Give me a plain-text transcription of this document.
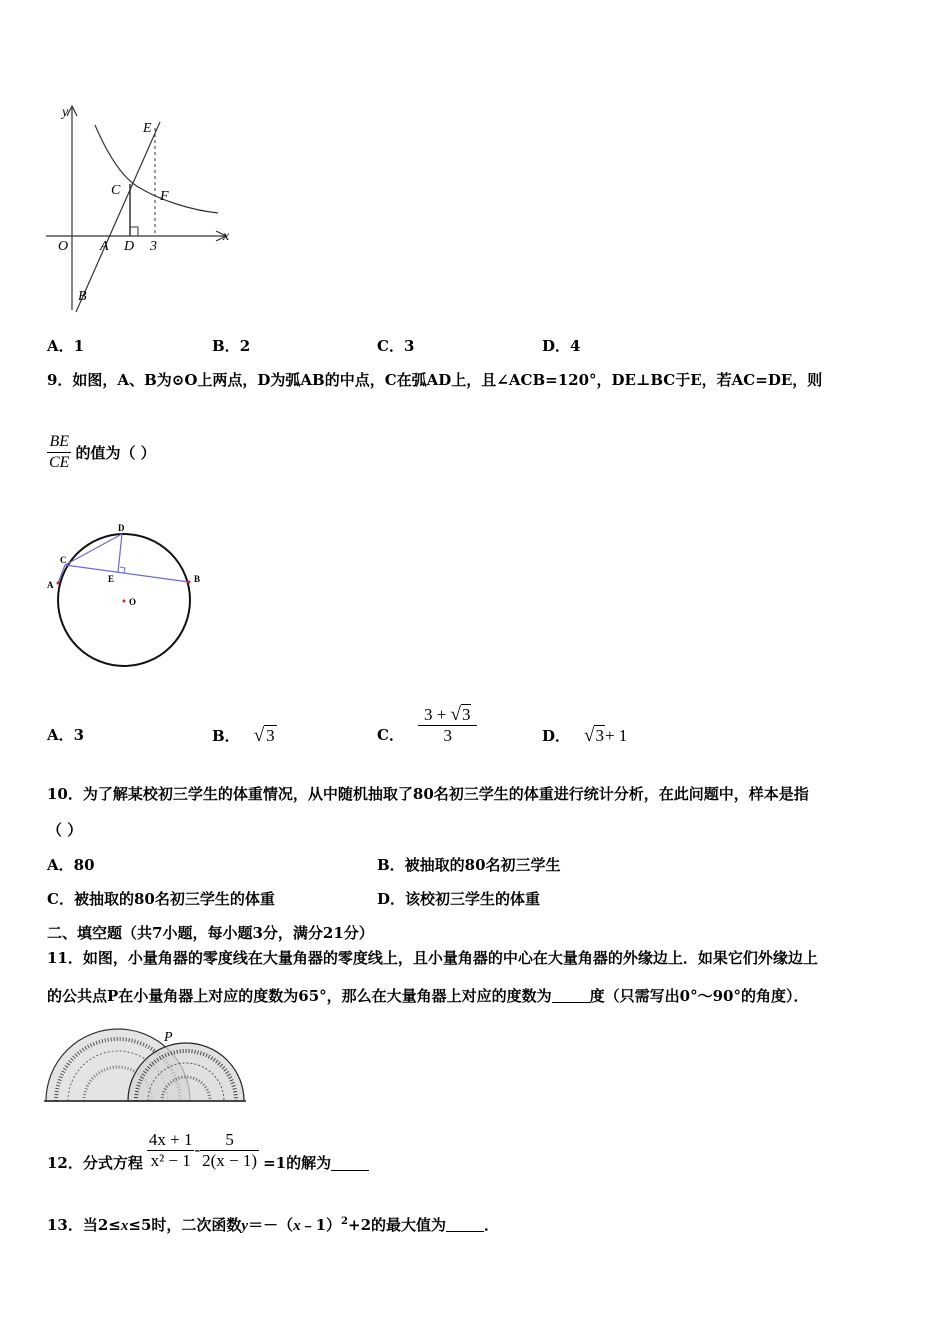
y
x
O A D 3
B
C
E
F
A．1	B．2	C．3	D．4
9．如图，A、B为⊙O上两点，D为弧AB的中点，C在弧AD上，且∠ACB=120°，DE⊥BC于E，若AC=DE，则
$\frac{BE}{CE}$ 的值为（ ）
A
B
C
D
E
O
A．3	B． √ 3	C． $\frac{3 + √3}{3}$	D． √ 3 + 1
10．为了解某校初三学生的体重情况，从中随机抽取了80名初三学生的体重进行统计分析，在此问题中，样本是指
（ ）
A．80	B．被抽取的80名初三学生
C．被抽取的80名初三学生的体重	D．该校初三学生的体重
二、填空题（共7小题，每小题3分，满分21分）
11．如图，小量角器的零度线在大量角器的零度线上，且小量角器的中心在大量角器的外缘边上．如果它们外缘边上
的公共点P在小量角器上对应的度数为65°，那么在大量角器上对应的度数为	度（只需写出0°～90°的角度）．
P
12．分式方程 $\frac{4x + 1}{\text{x² − 1}} - \frac{5}{2(x - 1)} =1$的解为
13．当2≤x≤5时，二次函数y＝－（x﹣1）$^2$+2的最大值为	．
